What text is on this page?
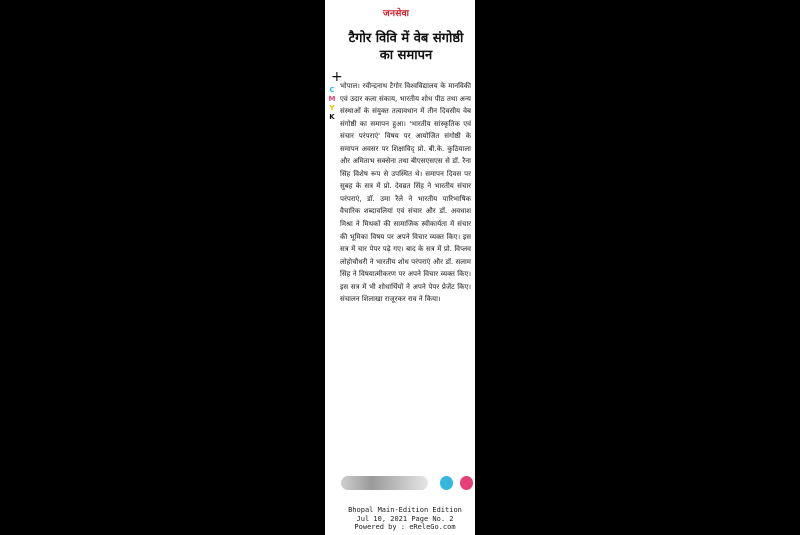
जनसेवा
टैगोर विवि में वेब संगोष्ठी का समापन
+
C
M
Y
K
भोपाल। रवीन्द्रनाथ टैगोर विश्वविद्यालय के मानविकी एवं उदार कला संकाय, भारतीय शोध पीठ तथा अन्य संस्थाओं के संयुक्त तत्वावधान में तीन दिवसीय वेब संगोष्ठी का समापन हुआ। 'भारतीय सांस्कृतिक एवं संचार परंपराएं' विषय पर आयोजित संगोष्ठी के समापन अवसर पर शिक्षाविद् प्रो. बी.के. कुठियाला और अमिताभ सक्सेना तथा बीएसएसएस से डॉ. रैना सिंह विशेष रूप से उपस्थित थे। समापन दिवस पर सुबह के सत्र में प्रो. देवव्रत सिंह ने भारतीय संचार परंपराएं, डॉ. उमा रैले ने भारतीय पारिभाषिक वैचारिक शब्दावलियां एवं संचार और डॉ. अवधाश मिश्रा ने मिथकों की सामाजिक स्वीकार्यता में संचार की भूमिका विषय पर अपने विचार व्यक्त किए। इस सत्र में चार पेपर पढ़े गए। बाद के सत्र में प्रो. विप्लव लोहोचौधरी ने भारतीय शोध परंपराएं और डॉ. सलाम सिंह ने विषयात्मीकरण पर अपने विचार व्यक्त किए। इस सत्र में भी शोधार्थियों ने अपने पेपर प्रेजेंट किए। संचालन शिलाखा राजूरकर राव ने किया।
Bhopal Main-Edition Edition
Jul 10, 2021 Page No. 2
Powered by : eReleGo.com
